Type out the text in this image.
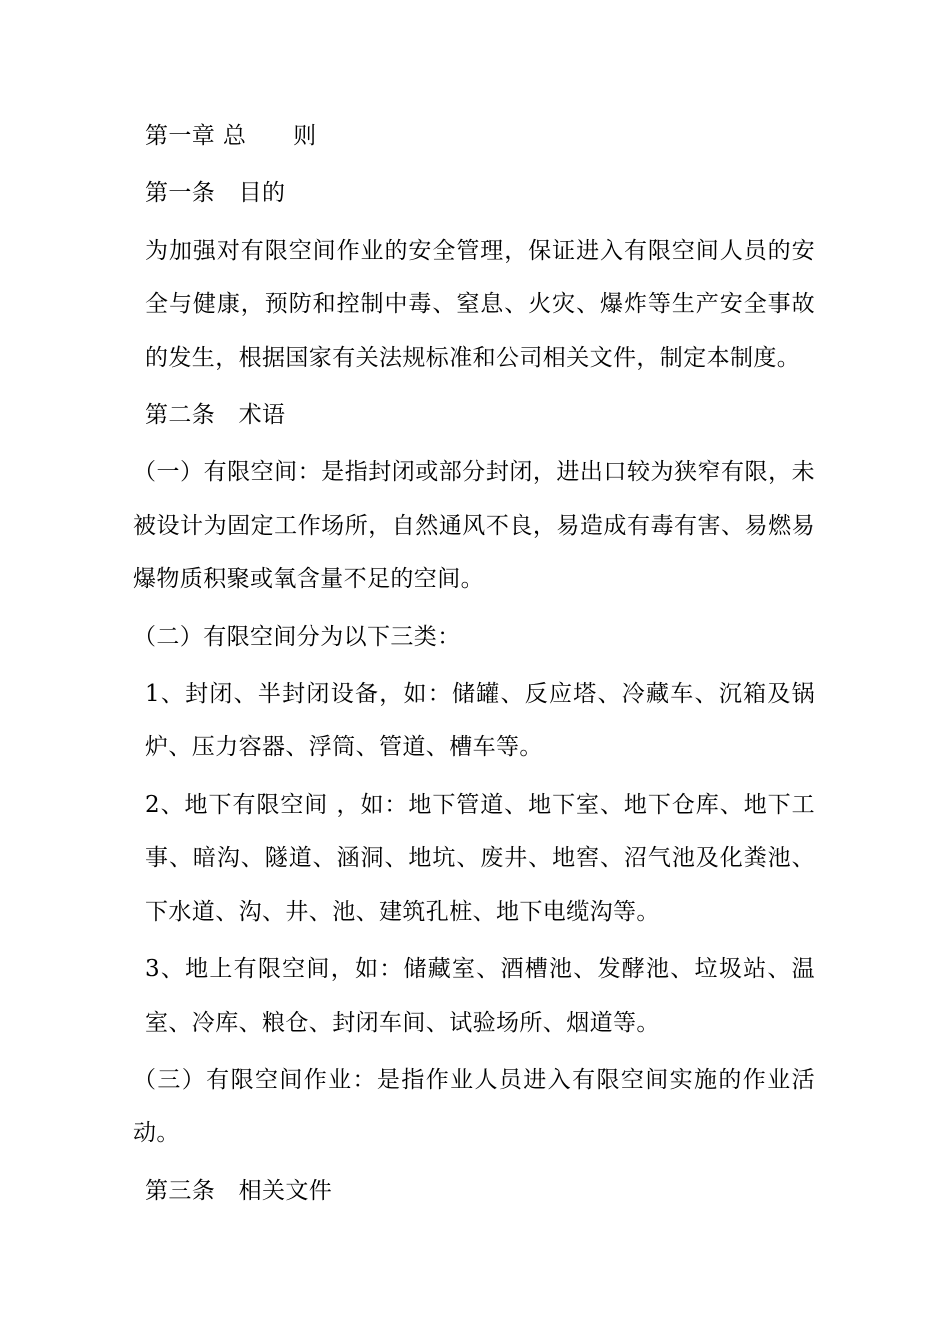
第一章 总　　则
第一条　目的

为加强对有限空间作业的安全管理，保证进入有限空间人员的安全与健康，预防和控制中毒、窒息、火灾、爆炸等生产安全事故的发生，根据国家有关法规标准和公司相关文件，制定本制度。

第二条　术语

（一）有限空间：是指封闭或部分封闭，进出口较为狭窄有限，未被设计为固定工作场所，自然通风不良，易造成有毒有害、易燃易爆物质积聚或氧含量不足的空间。

（二）有限空间分为以下三类：

1、封闭、半封闭设备，如：储罐、反应塔、冷藏车、沉箱及锅炉、压力容器、浮筒、管道、槽车等。

2、地下有限空间 ，如：地下管道、地下室、地下仓库、地下工事、暗沟、隧道、涵洞、地坑、废井、地窖、沼气池及化粪池、下水道、沟、井、池、建筑孔桩、地下电缆沟等。

3、地上有限空间，如：储藏室、酒槽池、发酵池、垃圾站、温室、冷库、粮仓、封闭车间、试验场所、烟道等。

（三）有限空间作业：是指作业人员进入有限空间实施的作业活动。

第三条　相关文件
